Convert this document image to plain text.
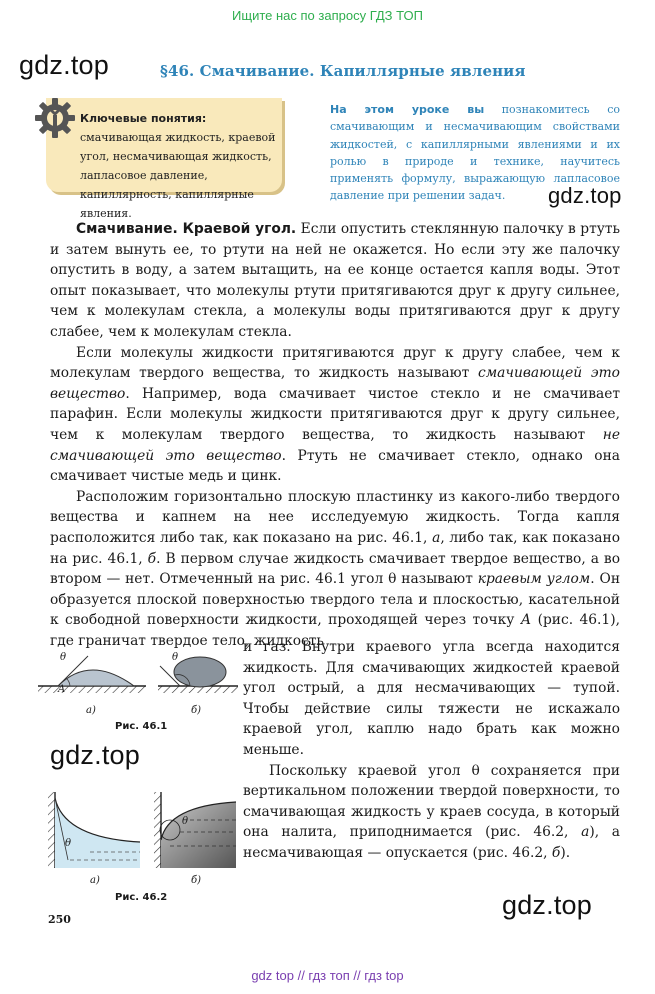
Ищите нас по запросу ГДЗ ТОП
gdz.top
gdz.top
gdz.top
gdz.top
§46. Смачивание. Капиллярные явления
Ключевые понятия: смачивающая жидкость, краевой угол, несмачивающая жидкость, лапласовое давление, капиллярность, капиллярные явления.
На этом уроке вы познакомитесь со смачивающим и несмачивающим свойствами жидкостей, с капиллярными явлениями и их ролью в природе и технике, научитесь применять формулу, выражающую лапласовое давление при решении задач.

Смачивание. Краевой угол. Если опустить стеклянную палочку в ртуть и затем вынуть ее, то ртути на ней не окажется. Но если эту же палочку опустить в воду, а затем вытащить, на ее конце остается капля воды. Этот опыт показывает, что молекулы ртути притягиваются друг к другу сильнее, чем к молекулам стекла, а молекулы воды притягиваются друг к другу слабее, чем к молекулам стекла.

Если молекулы жидкости притягиваются друг к другу слабее, чем к молекулам твердого вещества, то жидкость называют смачивающей это вещество. Например, вода смачивает чистое стекло и не смачивает парафин. Если молекулы жидкости притягиваются друг к другу сильнее, чем к молекулам твердого вещества, то жидкость называют не смачивающей это вещество. Ртуть не смачивает стекло, однако она смачивает чистые медь и цинк.

Расположим горизонтально плоскую пластинку из какого-либо твердого вещества и капнем на нее исследуемую жидкость. Тогда капля расположится либо так, как показано на рис. 46.1, а, либо так, как показано на рис. 46.1, б. В первом случае жидкость смачивает твердое вещество, а во втором — нет. Отмеченный на рис. 46.1 угол θ называют краевым углом. Он образуется плоской поверхностью твердого тела и плоскостью, касательной к свободной поверхности жидкости, проходящей через точку А (рис. 46.1), где граничат твердое тело, жидкость

и газ. Внутри краевого угла всегда находится жидкость. Для смачивающих жидкостей краевой угол острый, а для несмачивающих — тупой. Чтобы действие силы тяжести не искажало краевой угол, каплю надо брать как можно меньше.

Поскольку краевой угол θ сохраняется при вертикальном положении твердой поверхности, то смачивающая жидкость у краев сосуда, в который она налита, приподнимается (рис. 46.2, а), а несмачивающая — опускается (рис. 46.2, б).

θ	θ
A
а)	б)
Рис. 46.1
θ
θ
а)	б)
Рис. 46.2
250
gdz top // гдз топ // гдз top
